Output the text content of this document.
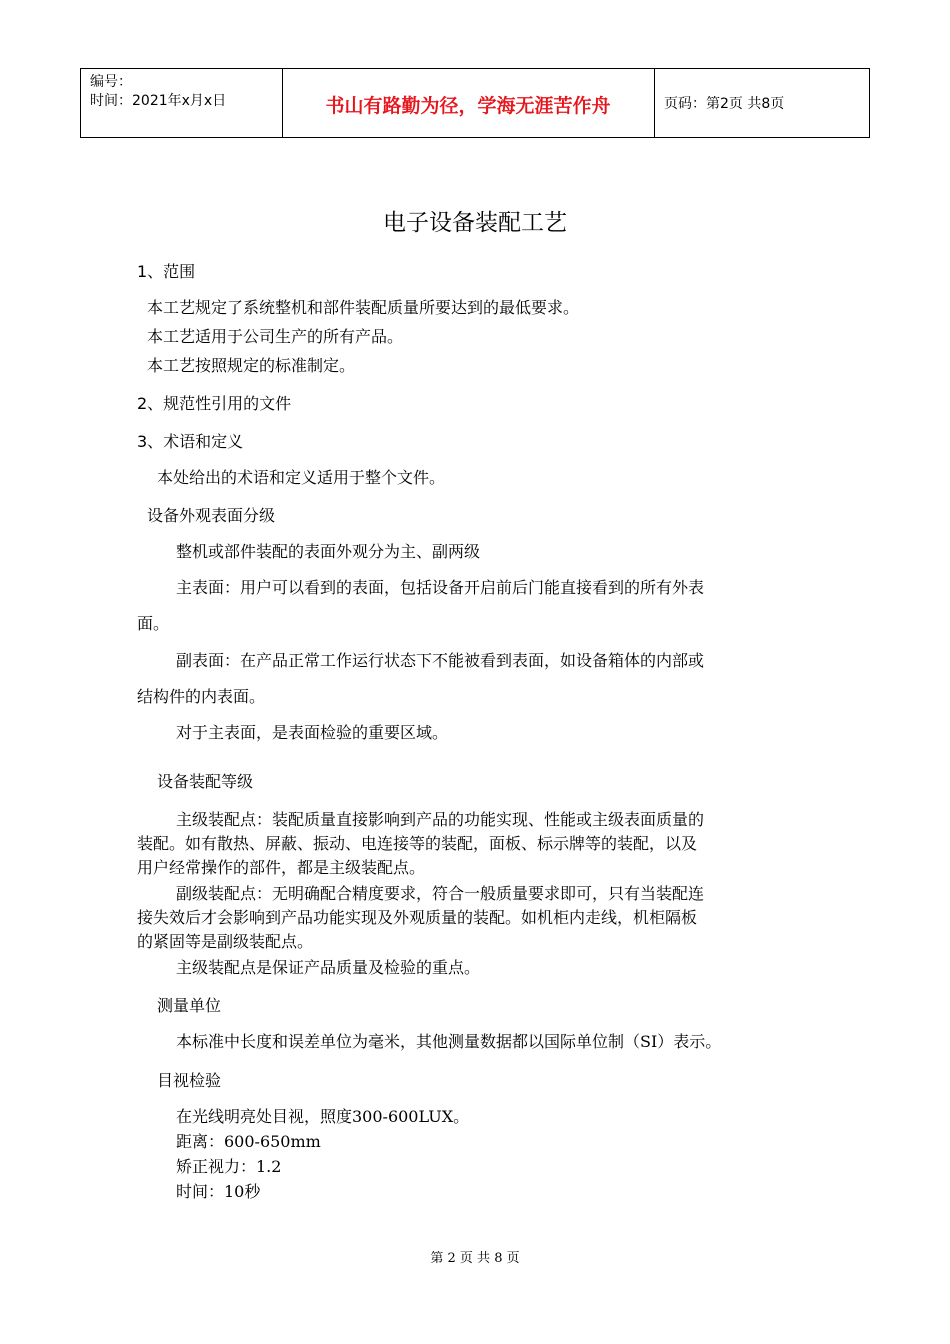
编号：
时间：2021年x月x日	书山有路勤为径，学海无涯苦作舟	页码：第2页 共8页
电子设备装配工艺
1、范围
本工艺规定了系统整机和部件装配质量所要达到的最低要求。
本工艺适用于公司生产的所有产品。
本工艺按照规定的标准制定。
2、规范性引用的文件
3、术语和定义
本处给出的术语和定义适用于整个文件。
设备外观表面分级
整机或部件装配的表面外观分为主、副两级
主表面：用户可以看到的表面，包括设备开启前后门能直接看到的所有外表
面。
副表面：在产品正常工作运行状态下不能被看到表面，如设备箱体的内部或
结构件的内表面。
对于主表面，是表面检验的重要区域。
设备装配等级
主级装配点：装配质量直接影响到产品的功能实现、性能或主级表面质量的
装配。如有散热、屏蔽、振动、电连接等的装配，面板、标示牌等的装配，以及
用户经常操作的部件，都是主级装配点。
副级装配点：无明确配合精度要求，符合一般质量要求即可，只有当装配连
接失效后才会影响到产品功能实现及外观质量的装配。如机柜内走线，机柜隔板
的紧固等是副级装配点。
主级装配点是保证产品质量及检验的重点。
测量单位
本标准中长度和误差单位为毫米，其他测量数据都以国际单位制（SI）表示。
目视检验
在光线明亮处目视，照度300-600LUX。
距离：600-650mm
矫正视力：1.2
时间：10秒
第 2 页 共 8 页
